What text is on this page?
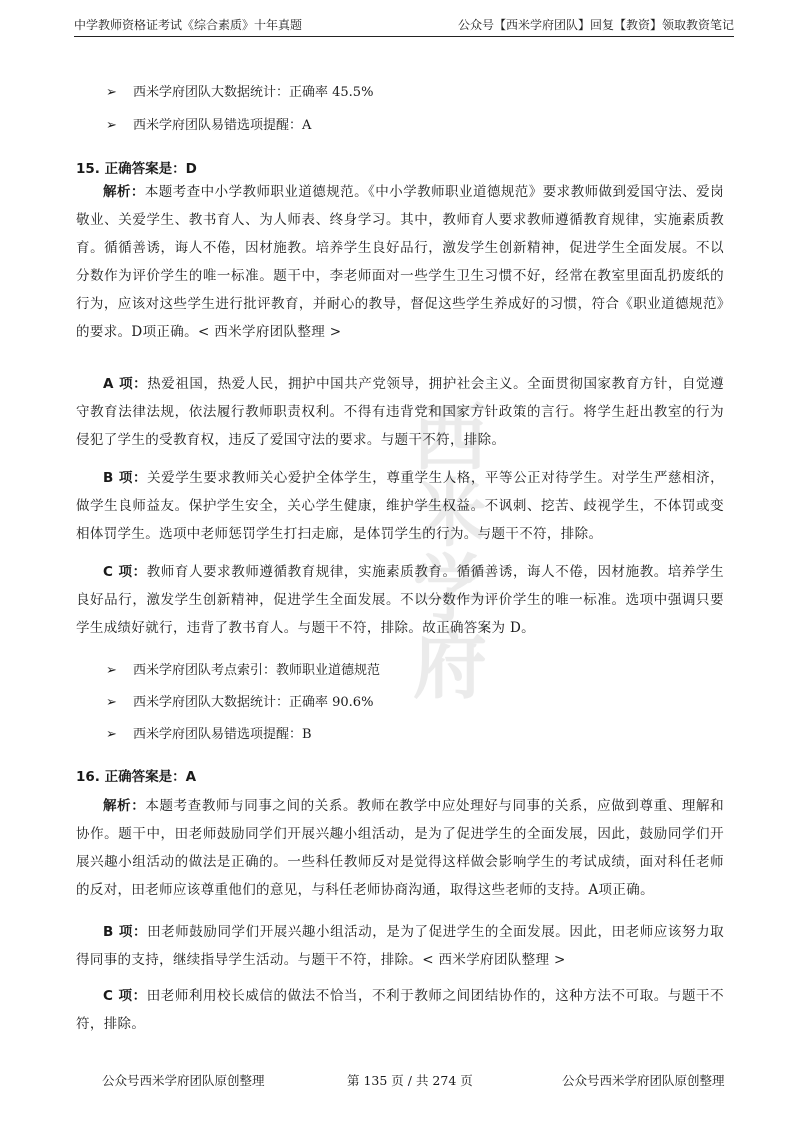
中学教师资格证考试《综合素质》十年真题	公众号【西米学府团队】回复【教资】领取教资笔记
西米学府
➢ 西米学府团队大数据统计：正确率 45.5%
➢ 西米学府团队易错选项提醒：A
15. 正确答案是：D
解析：本题考查中小学教师职业道德规范。《中小学教师职业道德规范》要求教师做到爱国守法、爱岗敬业、关爱学生、教书育人、为人师表、终身学习。其中，教师育人要求教师遵循教育规律，实施素质教育。循循善诱，诲人不倦，因材施教。培养学生良好品行，激发学生创新精神，促进学生全面发展。不以分数作为评价学生的唯一标准。题干中，李老师面对一些学生卫生习惯不好，经常在教室里面乱扔废纸的行为，应该对这些学生进行批评教育，并耐心的教导，督促这些学生养成好的习惯，符合《职业道德规范》的要求。D项正确。< 西米学府团队整理 >
A 项：热爱祖国，热爱人民，拥护中国共产党领导，拥护社会主义。全面贯彻国家教育方针，自觉遵守教育法律法规，依法履行教师职责权利。不得有违背党和国家方针政策的言行。将学生赶出教室的行为侵犯了学生的受教育权，违反了爱国守法的要求。与题干不符，排除。
B 项：关爱学生要求教师关心爱护全体学生，尊重学生人格，平等公正对待学生。对学生严慈相济，做学生良师益友。保护学生安全，关心学生健康，维护学生权益。不讽刺、挖苦、歧视学生，不体罚或变相体罚学生。选项中老师惩罚学生打扫走廊，是体罚学生的行为。与题干不符，排除。
C 项：教师育人要求教师遵循教育规律，实施素质教育。循循善诱，诲人不倦，因材施教。培养学生良好品行，激发学生创新精神，促进学生全面发展。不以分数作为评价学生的唯一标准。选项中强调只要学生成绩好就行，违背了教书育人。与题干不符，排除。故正确答案为 D。
➢ 西米学府团队考点索引：教师职业道德规范
➢ 西米学府团队大数据统计：正确率 90.6%
➢ 西米学府团队易错选项提醒：B
16. 正确答案是：A
解析：本题考查教师与同事之间的关系。教师在教学中应处理好与同事的关系，应做到尊重、理解和协作。题干中，田老师鼓励同学们开展兴趣小组活动，是为了促进学生的全面发展，因此，鼓励同学们开展兴趣小组活动的做法是正确的。一些科任教师反对是觉得这样做会影响学生的考试成绩，面对科任老师的反对，田老师应该尊重他们的意见，与科任老师协商沟通，取得这些老师的支持。A项正确。
B 项：田老师鼓励同学们开展兴趣小组活动，是为了促进学生的全面发展。因此，田老师应该努力取得同事的支持，继续指导学生活动。与题干不符，排除。< 西米学府团队整理 >
C 项：田老师利用校长威信的做法不恰当，不利于教师之间团结协作的，这种方法不可取。与题干不符，排除。
公众号西米学府团队原创整理	第 135 页 / 共 274 页	公众号西米学府团队原创整理
